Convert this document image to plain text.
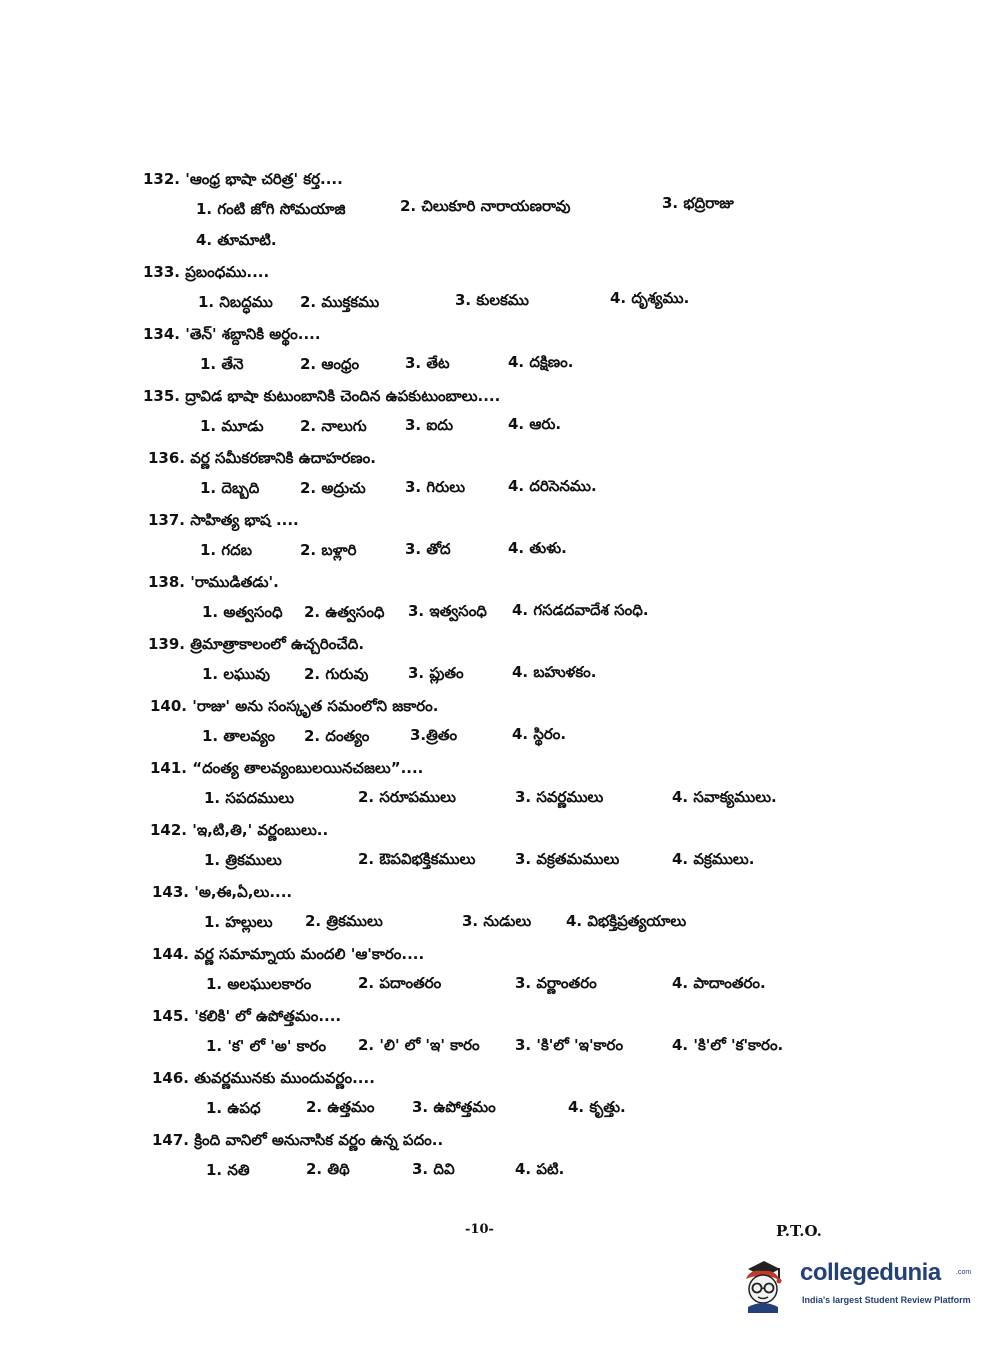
132. 'ఆంధ్ర భాషా చరిత్ర' కర్త....
1. గంటి జోగి సోమయాజి	2. చిలుకూరి నారాయణరావు	3. భద్రిరాజు
4. తూమాటి.
133. ప్రబంధము....
1. నిబద్ధము 2. ముక్తకము	3. కులకము	4. దృశ్యము.
134. 'తెన్' శబ్దానికి అర్థం....
1. తేనె	2. ఆంధ్రం	3. తేట	4. దక్షిణం.
135. ద్రావిడ భాషా కుటుంబానికి చెందిన ఉపకుటుంబాలు....
1. మూడు 2. నాలుగు	3. ఐదు	4. ఆరు.
136. వర్ణ సమీకరణానికి ఉదాహరణం.
1. దెబ్బది	2. అద్రుచు	3. గిరులు	4. దరిసెనము.
137. సాహిత్య భాష ....
1. గదబ	2. బళ్లారి	3. తోద	4. తుళు.
138. 'రాముడితడు'.
1. అత్వసంధి 2. ఉత్వసంధి 3. ఇత్వసంధి 4. గసడదవాదేశ సంధి.
139. త్రిమాత్రాకాలంలో ఉచ్చరించేది.
1. లఘువు 2. గురువు	3. ప్లుతం	4. బహుళకం.
140. 'రాజు' అను సంస్కృత సమంలోని జకారం.
1. తాలవ్యం 2. దంత్యం	3.త్రితం	4. స్థిరం.
141. “దంత్య తాలవ్యంబులయినచజలు”....
1. సపదములు	2. సరూపములు	3. సవర్ణములు	4. సవాక్యములు.
142. 'ఇ,టి,తి,' వర్ణంబులు..
1. త్రికములు	2. ఔపవిభక్తికములు	3. వక్రతమములు	4. వక్రములు.
143. 'అ,ఈ,ఏ,లు....
1. హల్లులు 2. త్రికములు	3. నుడులు 4. విభక్తిప్రత్యయాలు
144. వర్ణ సమామ్నాయ మందలి 'ఆ'కారం....
1. అలఘులకారం	2. పదాంతరం	3. వర్ణాంతరం	4. పాదాంతరం.
145. 'కలికి' లో ఉపోత్తమం....
1. 'క' లో 'అ' కారం 2. 'లి' లో 'ఇ' కారం 3. 'కి'లో 'ఇ'కారం	4. 'కి'లో 'క'కారం.
146. తువర్ణమునకు ముందువర్ణం....
1. ఉపధ	2. ఉత్తమం	3. ఉపోత్తమం	4. కృత్తు.
147. క్రింది వానిలో అనునాసిక వర్ణం ఉన్న పదం..
1. నతి	2. తిథి	3. దివి	4. పటి.
-10-	P.T.O.
collegedunia .com
India's largest Student Review Platform
